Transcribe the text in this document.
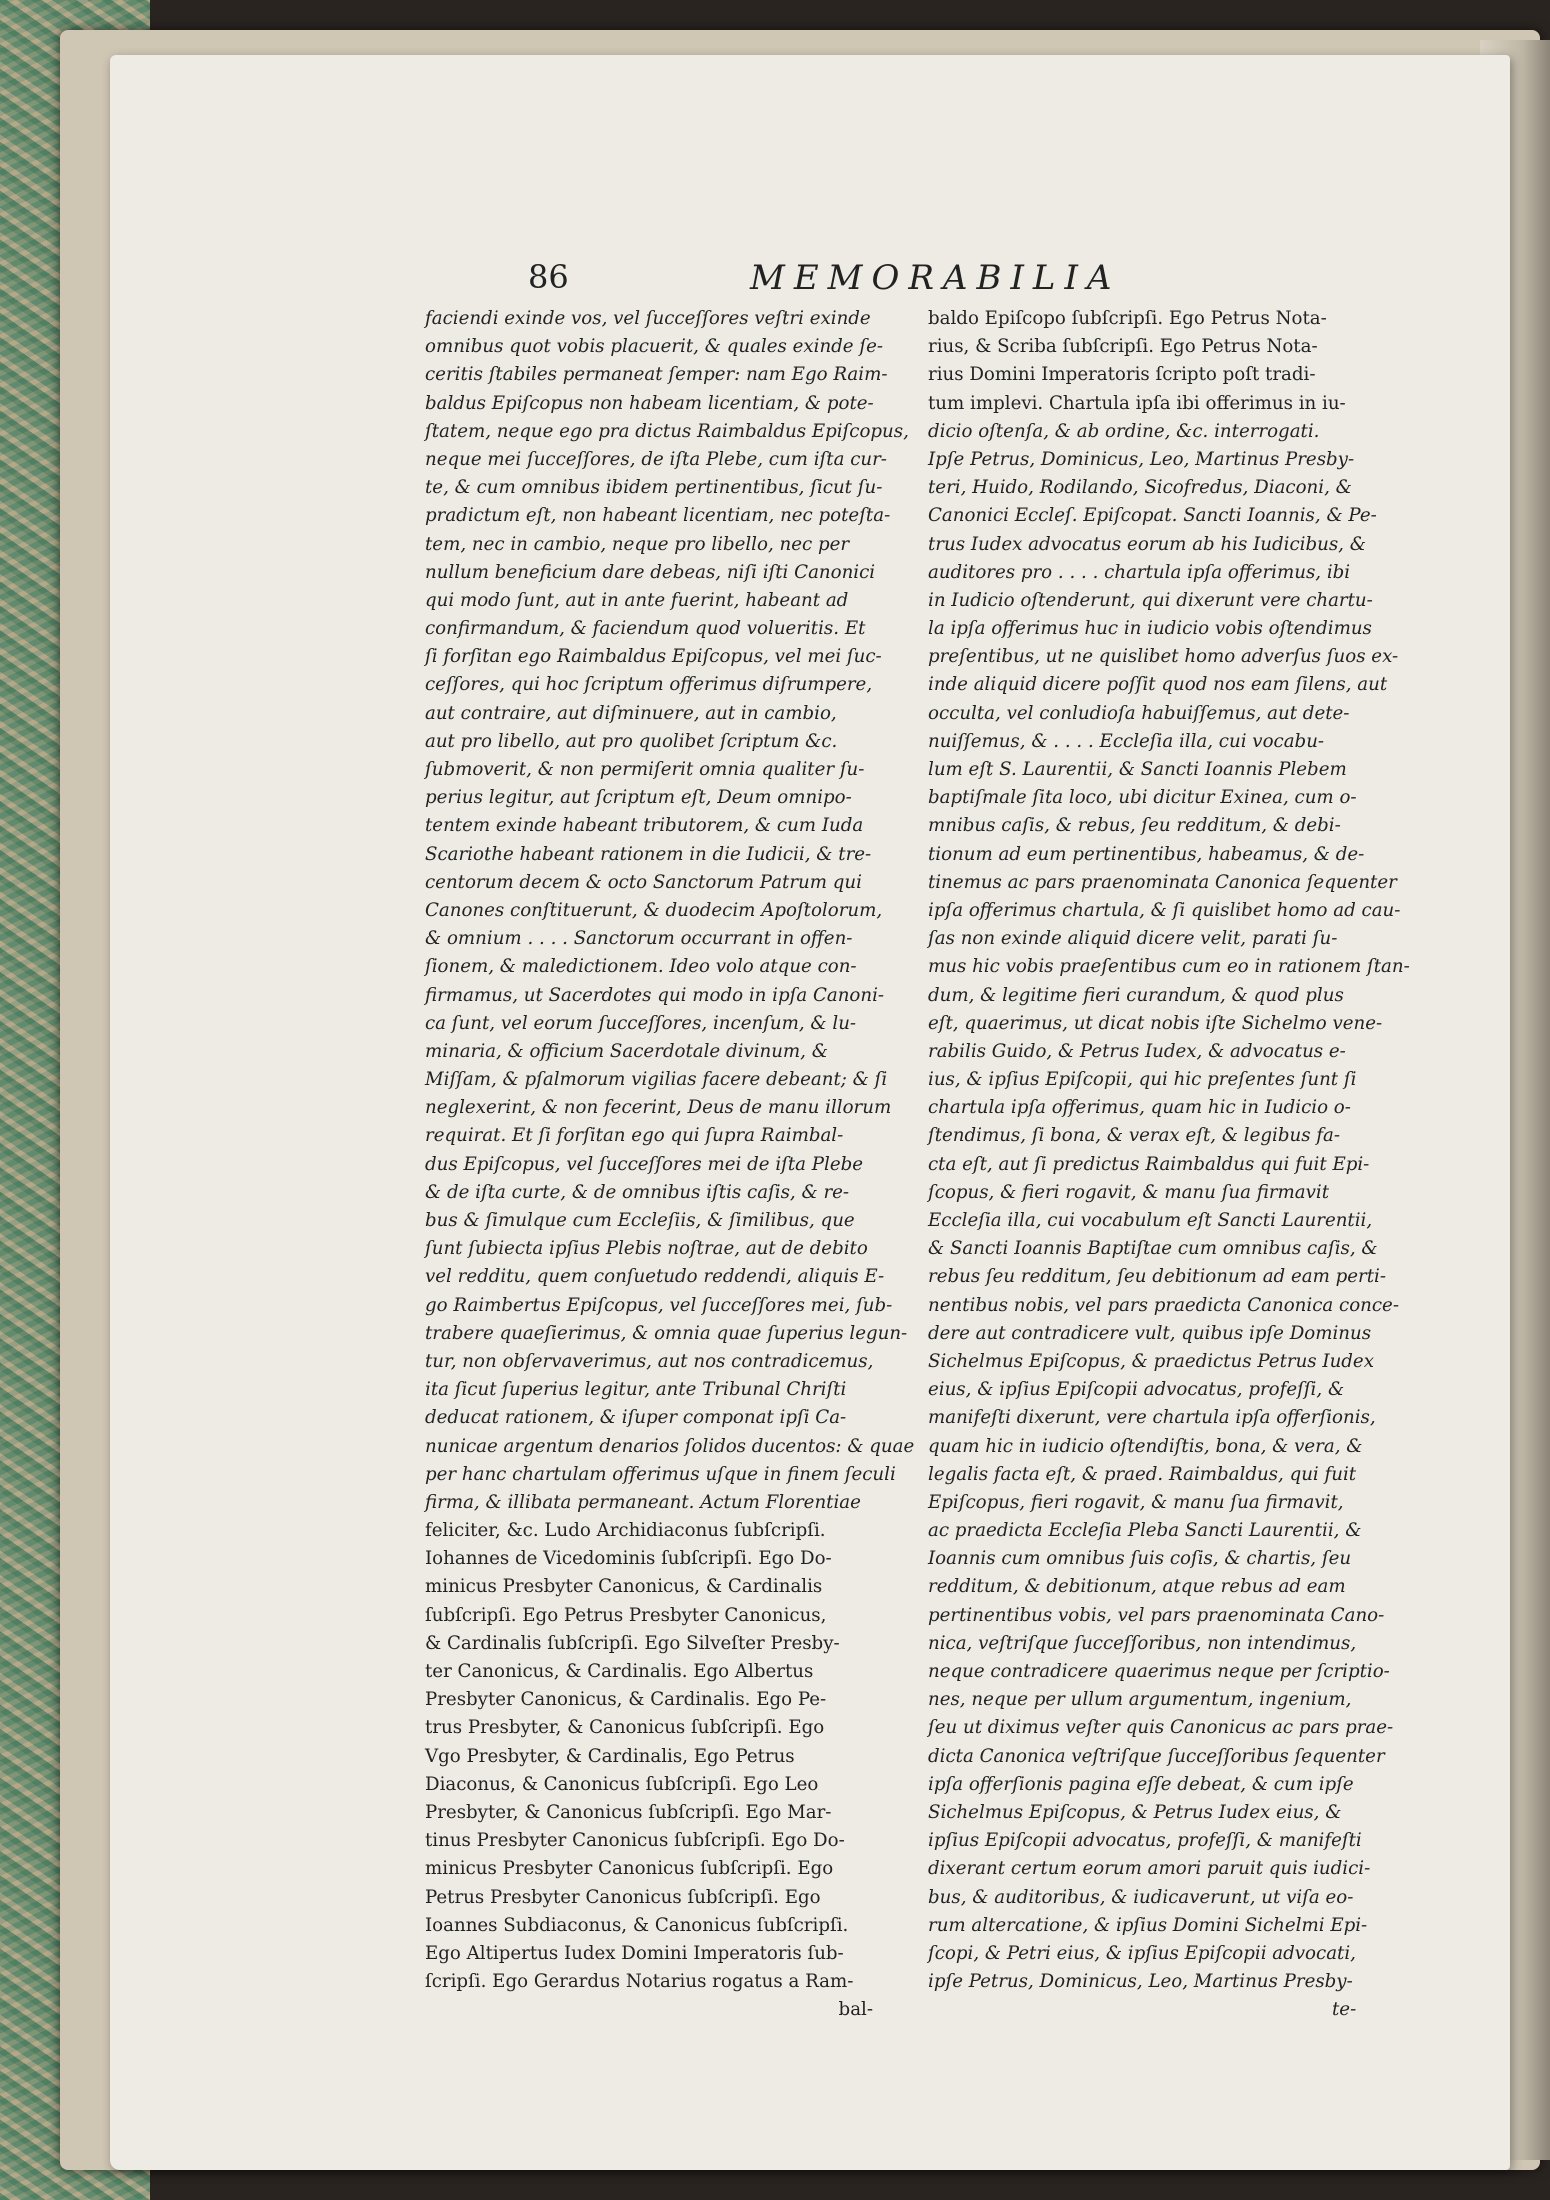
86	MEMORABILIA
faciendi exinde vos, vel ſucceſſores veſtri exinde
omnibus quot vobis placuerit, & quales exinde ſe-
ceritis ſtabiles permaneat ſemper: nam Ego Raim-
baldus Epiſcopus non habeam licentiam, & pote-
ſtatem, neque ego pra dictus Raimbaldus Epiſcopus,
neque mei ſucceſſores, de iſta Plebe, cum iſta cur-
te, & cum omnibus ibidem pertinentibus, ſicut ſu-
pradictum eſt, non habeant licentiam, nec poteſta-
tem, nec in cambio, neque pro libello, nec per
nullum beneficium dare debeas, niſi iſti Canonici
qui modo ſunt, aut in ante fuerint, habeant ad
confirmandum, & faciendum quod volueritis. Et
ſi forſitan ego Raimbaldus Epiſcopus, vel mei ſuc-
ceſſores, qui hoc ſcriptum offerimus diſrumpere,
aut contraire, aut diſminuere, aut in cambio,
aut pro libello, aut pro quolibet ſcriptum &c.
ſubmoverit, & non permiſerit omnia qualiter ſu-
perius legitur, aut ſcriptum eſt, Deum omnipo-
tentem exinde habeant tributorem, & cum Iuda
Scariothe habeant rationem in die Iudicii, & tre-
centorum decem & octo Sanctorum Patrum qui
Canones conſtituerunt, & duodecim Apoſtolorum,
& omnium . . . . Sanctorum occurrant in offen-
ſionem, & maledictionem. Ideo volo atque con-
firmamus, ut Sacerdotes qui modo in ipſa Canoni-
ca ſunt, vel eorum ſucceſſores, incenſum, & lu-
minaria, & officium Sacerdotale divinum, &
Miſſam, & pſalmorum vigilias facere debeant; & ſi
neglexerint, & non fecerint, Deus de manu illorum
requirat. Et ſi forſitan ego qui ſupra Raimbal-
dus Epiſcopus, vel ſucceſſores mei de iſta Plebe
& de iſta curte, & de omnibus iſtis caſis, & re-
bus & ſimulque cum Eccleſiis, & ſimilibus, que
ſunt ſubiecta ipſius Plebis noſtrae, aut de debito
vel redditu, quem conſuetudo reddendi, aliquis E-
go Raimbertus Epiſcopus, vel ſucceſſores mei, ſub-
trabere quaeſierimus, & omnia quae ſuperius legun-
tur, non obſervaverimus, aut nos contradicemus,
ita ſicut ſuperius legitur, ante Tribunal Chriſti
deducat rationem, & iſuper componat ipſi Ca-
nunicae argentum denarios ſolidos ducentos: & quae
per hanc chartulam offerimus uſque in finem ſeculi
firma, & illibata permaneant. Actum Florentiae
feliciter, &c. Ludo Archidiaconus ſubſcripſi.
Iohannes de Vicedominis ſubſcripſi. Ego Do-
minicus Presbyter Canonicus, & Cardinalis
ſubſcripſi. Ego Petrus Presbyter Canonicus,
& Cardinalis ſubſcripſi. Ego Silveſter Presby-
ter Canonicus, & Cardinalis. Ego Albertus
Presbyter Canonicus, & Cardinalis. Ego Pe-
trus Presbyter, & Canonicus ſubſcripſi. Ego
Vgo Presbyter, & Cardinalis, Ego Petrus
Diaconus, & Canonicus ſubſcripſi. Ego Leo
Presbyter, & Canonicus ſubſcripſi. Ego Mar-
tinus Presbyter Canonicus ſubſcripſi. Ego Do-
minicus Presbyter Canonicus ſubſcripſi. Ego
Petrus Presbyter Canonicus ſubſcripſi. Ego
Ioannes Subdiaconus, & Canonicus ſubſcripſi.
Ego Altipertus Iudex Domini Imperatoris ſub-
ſcripſi. Ego Gerardus Notarius rogatus a Ram-
bal-
baldo Epiſcopo ſubſcripſi. Ego Petrus Nota-
rius, & Scriba ſubſcripſi. Ego Petrus Nota-
rius Domini Imperatoris ſcripto poſt tradi-
tum implevi. Chartula ipſa ibi offerimus in iu-
dicio oſtenſa, & ab ordine, &c. interrogati.
Ipſe Petrus, Dominicus, Leo, Martinus Presby-
teri, Huido, Rodilando, Sicofredus, Diaconi, &
Canonici Eccleſ. Epiſcopat. Sancti Ioannis, & Pe-
trus Iudex advocatus eorum ab his Iudicibus, &
auditores pro . . . . chartula ipſa offerimus, ibi
in Iudicio oſtenderunt, qui dixerunt vere chartu-
la ipſa offerimus huc in iudicio vobis oſtendimus
preſentibus, ut ne quislibet homo adverſus ſuos ex-
inde aliquid dicere poſſit quod nos eam ſilens, aut
occulta, vel conludioſa habuiſſemus, aut dete-
nuiſſemus, & . . . . Eccleſia illa, cui vocabu-
lum eſt S. Laurentii, & Sancti Ioannis Plebem
baptiſmale ſita loco, ubi dicitur Exinea, cum o-
mnibus caſis, & rebus, ſeu redditum, & debi-
tionum ad eum pertinentibus, habeamus, & de-
tinemus ac pars praenominata Canonica ſequenter
ipſa offerimus chartula, & ſi quislibet homo ad cau-
ſas non exinde aliquid dicere velit, parati ſu-
mus hic vobis praeſentibus cum eo in rationem ſtan-
dum, & legitime fieri curandum, & quod plus
eſt, quaerimus, ut dicat nobis iſte Sichelmo vene-
rabilis Guido, & Petrus Iudex, & advocatus e-
ius, & ipſius Epiſcopii, qui hic preſentes ſunt ſi
chartula ipſa offerimus, quam hic in Iudicio o-
ſtendimus, ſi bona, & verax eſt, & legibus fa-
cta eſt, aut ſi predictus Raimbaldus qui fuit Epi-
ſcopus, & fieri rogavit, & manu ſua firmavit
Eccleſia illa, cui vocabulum eſt Sancti Laurentii,
& Sancti Ioannis Baptiſtae cum omnibus caſis, &
rebus ſeu redditum, ſeu debitionum ad eam perti-
nentibus nobis, vel pars praedicta Canonica conce-
dere aut contradicere vult, quibus ipſe Dominus
Sichelmus Epiſcopus, & praedictus Petrus Iudex
eius, & ipſius Epiſcopii advocatus, profeſſi, &
manifeſti dixerunt, vere chartula ipſa offerſionis,
quam hic in iudicio oſtendiſtis, bona, & vera, &
legalis facta eſt, & praed. Raimbaldus, qui fuit
Epiſcopus, fieri rogavit, & manu ſua firmavit,
ac praedicta Eccleſia Pleba Sancti Laurentii, &
Ioannis cum omnibus ſuis coſis, & chartis, ſeu
redditum, & debitionum, atque rebus ad eam
pertinentibus vobis, vel pars praenominata Cano-
nica, veſtriſque ſucceſſoribus, non intendimus,
neque contradicere quaerimus neque per ſcriptio-
nes, neque per ullum argumentum, ingenium,
ſeu ut diximus veſter quis Canonicus ac pars prae-
dicta Canonica veſtriſque ſucceſſoribus ſequenter
ipſa offerſionis pagina eſſe debeat, & cum ipſe
Sichelmus Epiſcopus, & Petrus Iudex eius, &
ipſius Epiſcopii advocatus, profeſſi, & manifeſti
dixerant certum eorum amori paruit quis iudici-
bus, & auditoribus, & iudicaverunt, ut viſa eo-
rum altercatione, & ipſius Domini Sichelmi Epi-
ſcopi, & Petri eius, & ipſius Epiſcopii advocati,
ipſe Petrus, Dominicus, Leo, Martinus Presby-
te-
